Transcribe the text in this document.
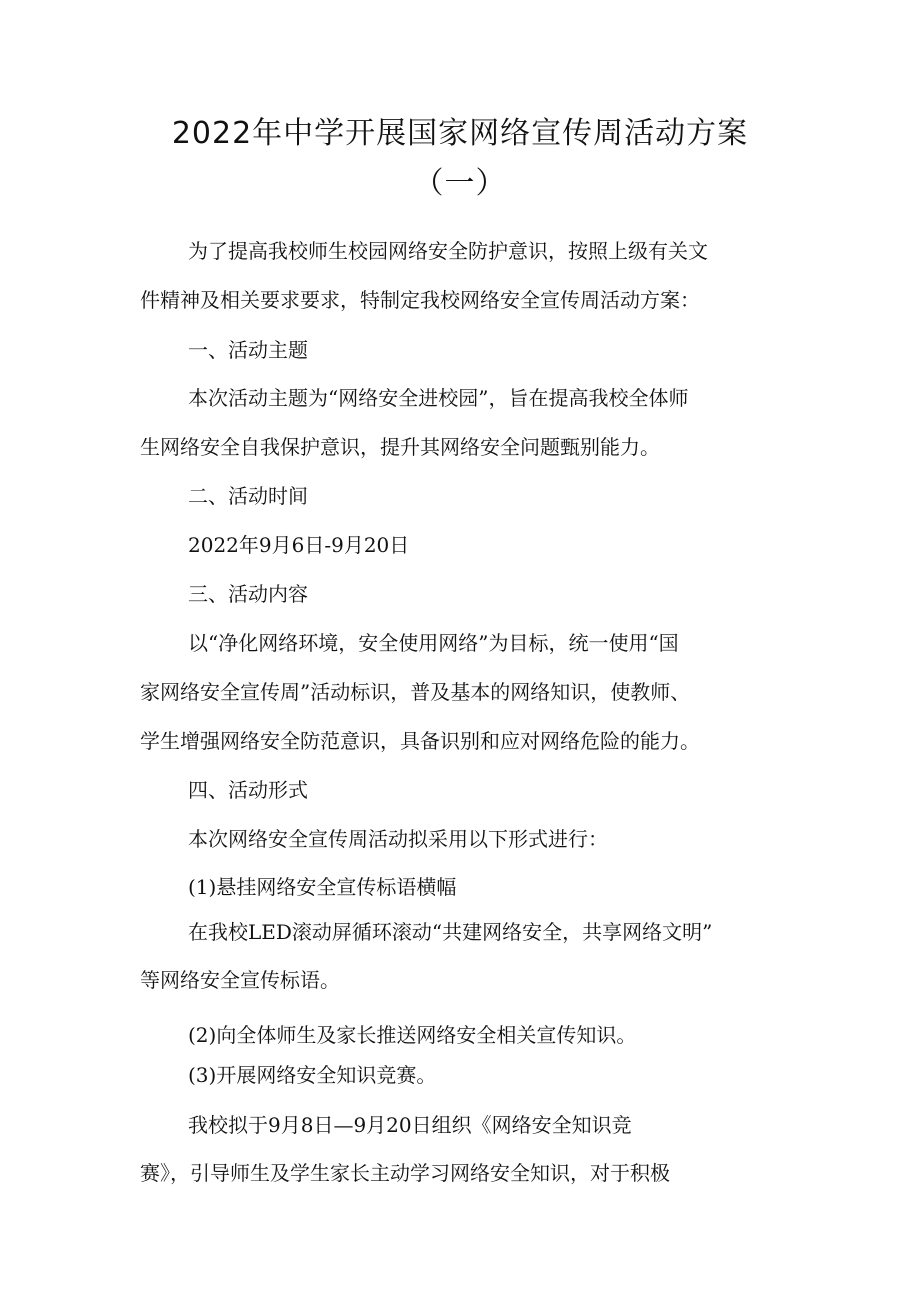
2022年中学开展国家网络宣传周活动方案
（一）

为了提高我校师生校园网络安全防护意识，按照上级有关文

件精神及相关要求要求，特制定我校网络安全宣传周活动方案：

一、活动主题

本次活动主题为“网络安全进校园”，旨在提高我校全体师

生网络安全自我保护意识，提升其网络安全问题甄别能力。

二、活动时间

2022年9月6日-9月20日

三、活动内容

以“净化网络环境，安全使用网络”为目标，统一使用“国

家网络安全宣传周”活动标识，普及基本的网络知识，使教师、

学生增强网络安全防范意识，具备识别和应对网络危险的能力。

四、活动形式

本次网络安全宣传周活动拟采用以下形式进行：

(1)悬挂网络安全宣传标语横幅

在我校LED滚动屏循环滚动“共建网络安全，共享网络文明”

等网络安全宣传标语。

(2)向全体师生及家长推送网络安全相关宣传知识。

(3)开展网络安全知识竞赛。

我校拟于9月8日—9月20日组织《网络安全知识竞

赛》，引导师生及学生家长主动学习网络安全知识，对于积极
